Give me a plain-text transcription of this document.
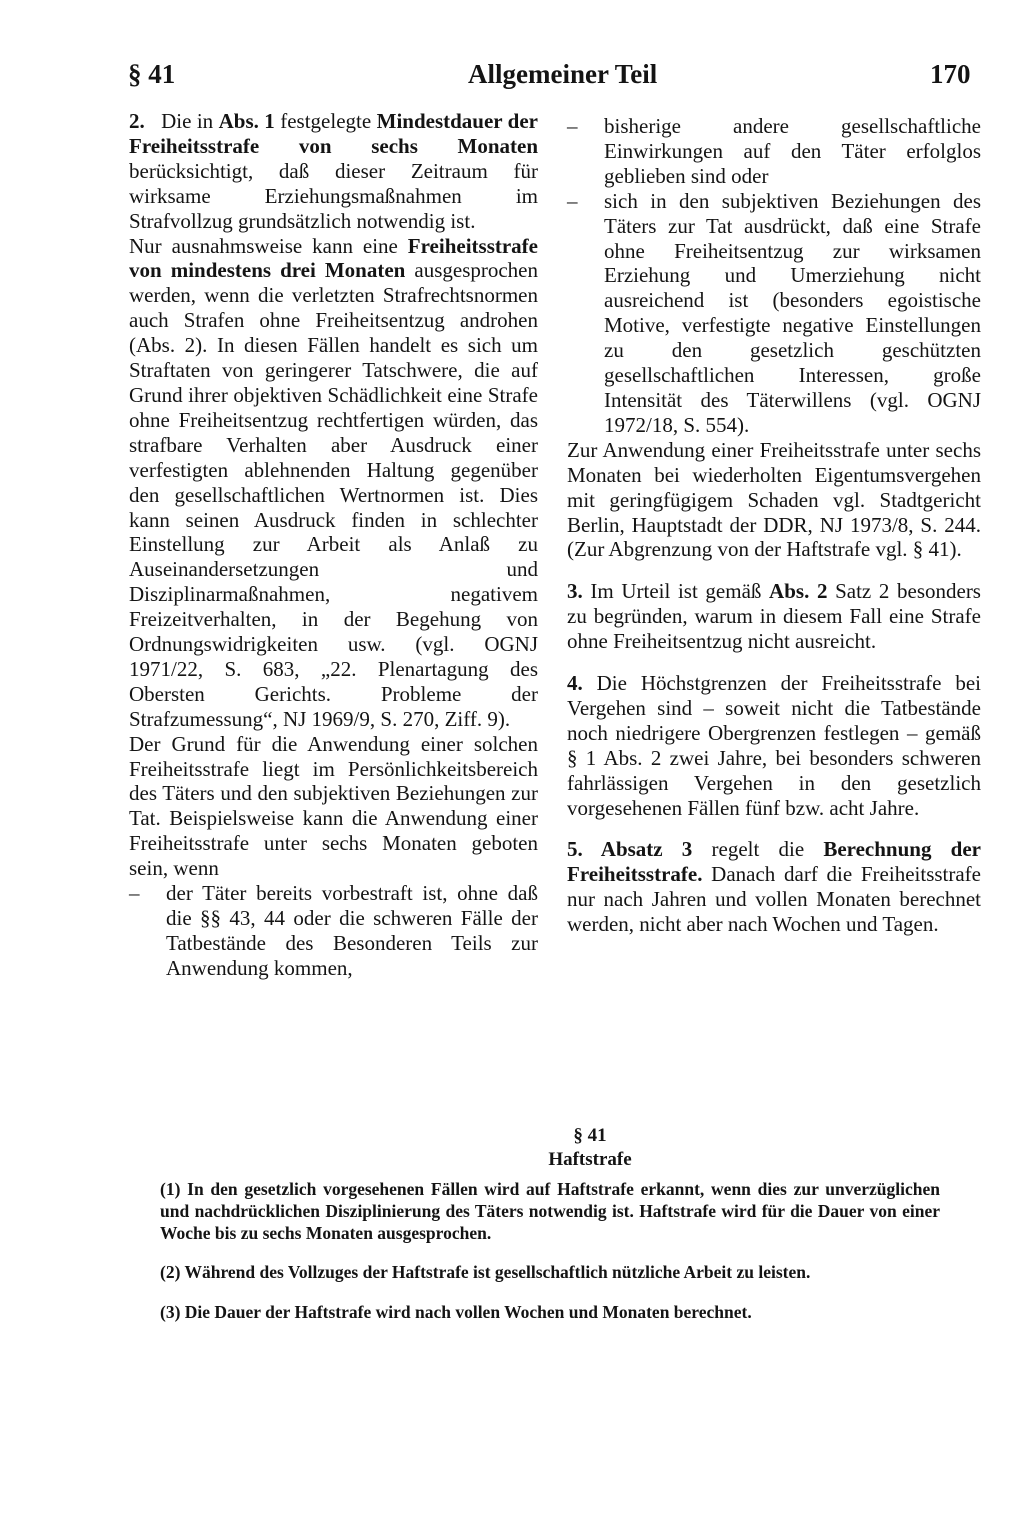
§ 41	Allgemeiner Teil	170

2. Die in Abs. 1 festgelegte Mindestdauer der Freiheitsstrafe von sechs Monaten berücksichtigt, daß dieser Zeitraum für wirksame Erziehungsmaßnahmen im Strafvollzug grundsätzlich notwendig ist.

Nur ausnahmsweise kann eine Freiheitsstrafe von mindestens drei Monaten ausgesprochen werden, wenn die verletzten Strafrechtsnormen auch Strafen ohne Freiheitsentzug androhen (Abs. 2). In diesen Fällen handelt es sich um Straftaten von geringerer Tatschwere, die auf Grund ihrer objektiven Schädlichkeit eine Strafe ohne Freiheitsentzug rechtfertigen würden, das strafbare Verhalten aber Ausdruck einer verfestigten ablehnenden Haltung gegenüber den gesellschaftlichen Wertnormen ist. Dies kann seinen Ausdruck finden in schlechter Einstellung zur Arbeit als Anlaß zu Auseinandersetzungen und Disziplinarmaßnahmen, negativem Freizeitverhalten, in der Begehung von Ordnungswidrigkeiten usw. (vgl. OGNJ 1971/22, S. 683, „22. Plenartagung des Obersten Gerichts. Probleme der Strafzumessung“, NJ 1969/9, S. 270, Ziff. 9).

Der Grund für die Anwendung einer solchen Freiheitsstrafe liegt im Persönlichkeitsbereich des Täters und den subjektiven Beziehungen zur Tat. Beispielsweise kann die Anwendung einer Freiheitsstrafe unter sechs Monaten geboten sein, wenn

– der Täter bereits vorbestraft ist, ohne daß die §§ 43, 44 oder die schweren Fälle der Tatbestände des Besonderen Teils zur Anwendung kommen,

– bisherige andere gesellschaftliche Einwirkungen auf den Täter erfolglos geblieben sind oder

– sich in den subjektiven Beziehungen des Täters zur Tat ausdrückt, daß eine Strafe ohne Freiheitsentzug zur wirksamen Erziehung und Umerziehung nicht ausreichend ist (besonders egoistische Motive, verfestigte negative Einstellungen zu den gesetzlich geschützten gesellschaftlichen Interessen, große Intensität des Täterwillens (vgl. OGNJ 1972/18, S. 554).

Zur Anwendung einer Freiheitsstrafe unter sechs Monaten bei wiederholten Eigentumsvergehen mit geringfügigem Schaden vgl. Stadtgericht Berlin, Hauptstadt der DDR, NJ 1973/8, S. 244. (Zur Abgrenzung von der Haftstrafe vgl. § 41).

3. Im Urteil ist gemäß Abs. 2 Satz 2 besonders zu begründen, warum in diesem Fall eine Strafe ohne Freiheitsentzug nicht ausreicht.

4. Die Höchstgrenzen der Freiheitsstrafe bei Vergehen sind – soweit nicht die Tatbestände noch niedrigere Obergrenzen festlegen – gemäß § 1 Abs. 2 zwei Jahre, bei besonders schweren fahrlässigen Vergehen in den gesetzlich vorgesehenen Fällen fünf bzw. acht Jahre.

5. Absatz 3 regelt die Berechnung der Freiheitsstrafe. Danach darf die Freiheitsstrafe nur nach Jahren und vollen Monaten berechnet werden, nicht aber nach Wochen und Tagen.

§ 41
Haftstrafe

(1) In den gesetzlich vorgesehenen Fällen wird auf Haftstrafe erkannt, wenn dies zur unverzüglichen und nachdrücklichen Disziplinierung des Täters notwendig ist. Haftstrafe wird für die Dauer von einer Woche bis zu sechs Monaten ausgesprochen.

(2) Während des Vollzuges der Haftstrafe ist gesellschaftlich nützliche Arbeit zu leisten.

(3) Die Dauer der Haftstrafe wird nach vollen Wochen und Monaten berechnet.
